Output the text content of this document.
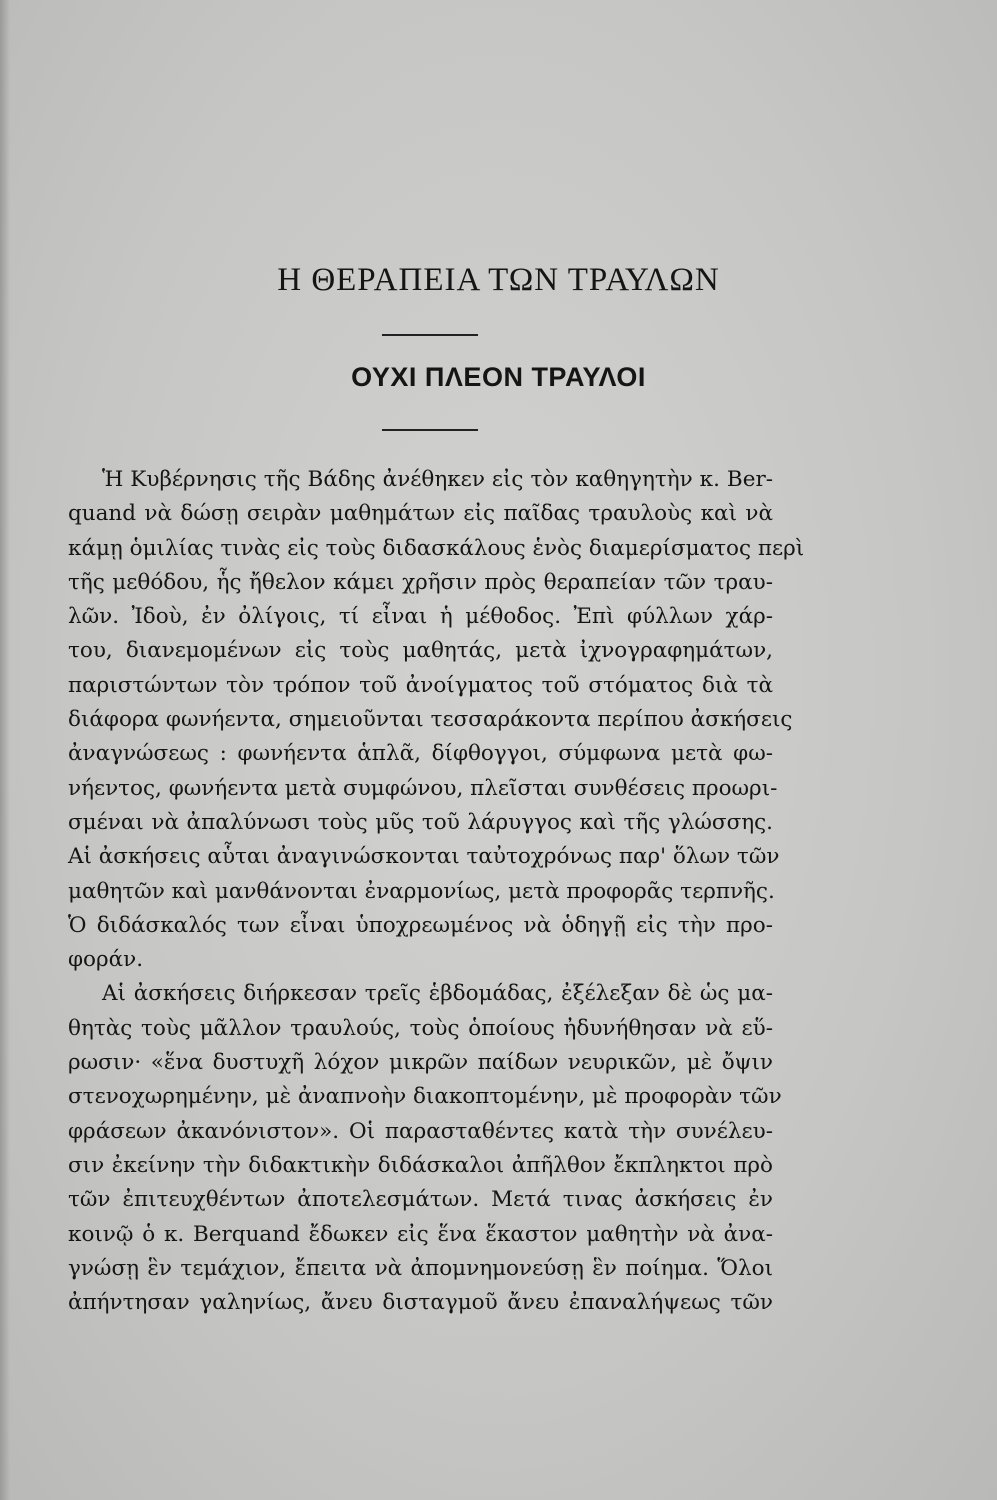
Η ΘΕΡΑΠΕΙΑ ΤΩΝ ΤΡΑΥΛΩΝ
ΟΥΧΙ ΠΛΕΟΝ ΤΡΑΥΛΟΙ
Ἡ Κυβέρνησις τῆς Βάδης ἀνέθηκεν εἰς τὸν καθηγητὴν κ. Ber-
quand νὰ δώσῃ σειρὰν μαθημάτων εἰς παῖδας τραυλοὺς καὶ νὰ
κάμῃ ὁμιλίας τινὰς εἰς τοὺς διδασκάλους ἑνὸς διαμερίσματος περὶ
τῆς μεθόδου, ἧς ἤθελον κάμει χρῆσιν πρὸς θεραπείαν τῶν τραυ-
λῶν. Ἰδοὺ, ἐν ὀλίγοις, τί εἶναι ἡ μέθοδος. Ἐπὶ φύλλων χάρ-
του, διανεμομένων εἰς τοὺς μαθητάς, μετὰ ἰχνογραφημάτων,
παριστώντων τὸν τρόπον τοῦ ἀνοίγματος τοῦ στόματος διὰ τὰ
διάφορα φωνήεντα, σημειοῦνται τεσσαράκοντα περίπου ἀσκήσεις
ἀναγνώσεως : φωνήεντα ἁπλᾶ, δίφθογγοι, σύμφωνα μετὰ φω-
νήεντος, φωνήεντα μετὰ συμφώνου, πλεῖσται συνθέσεις προωρι-
σμέναι νὰ ἀπαλύνωσι τοὺς μῦς τοῦ λάρυγγος καὶ τῆς γλώσσης.
Αἱ ἀσκήσεις αὗται ἀναγινώσκονται ταὐτοχρόνως παρ' ὅλων τῶν
μαθητῶν καὶ μανθάνονται ἐναρμονίως, μετὰ προφορᾶς τερπνῆς.
Ὁ διδάσκαλός των εἶναι ὑποχρεωμένος νὰ ὁδηγῇ εἰς τὴν προ-
φοράν.
Αἱ ἀσκήσεις διήρκεσαν τρεῖς ἑβδομάδας, ἐξέλεξαν δὲ ὡς μα-
θητὰς τοὺς μᾶλλον τραυλούς, τοὺς ὁποίους ἠδυνήθησαν νὰ εὕ-
ρωσιν· «ἕνα δυστυχῆ λόχον μικρῶν παίδων νευρικῶν, μὲ ὄψιν
στενοχωρημένην, μὲ ἀναπνοὴν διακοπτομένην, μὲ προφορὰν τῶν
φράσεων ἀκανόνιστον». Οἱ παρασταθέντες κατὰ τὴν συνέλευ-
σιν ἐκείνην τὴν διδακτικὴν διδάσκαλοι ἀπῆλθον ἔκπληκτοι πρὸ
τῶν ἐπιτευχθέντων ἀποτελεσμάτων. Μετά τινας ἀσκήσεις ἐν
κοινῷ ὁ κ. Berquand ἔδωκεν εἰς ἕνα ἕκαστον μαθητὴν νὰ ἀνα-
γνώσῃ ἓν τεμάχιον, ἔπειτα νὰ ἀπομνημονεύσῃ ἓν ποίημα. Ὅλοι
ἀπήντησαν γαληνίως, ἄνευ δισταγμοῦ ἄνευ ἐπαναλήψεως τῶν
